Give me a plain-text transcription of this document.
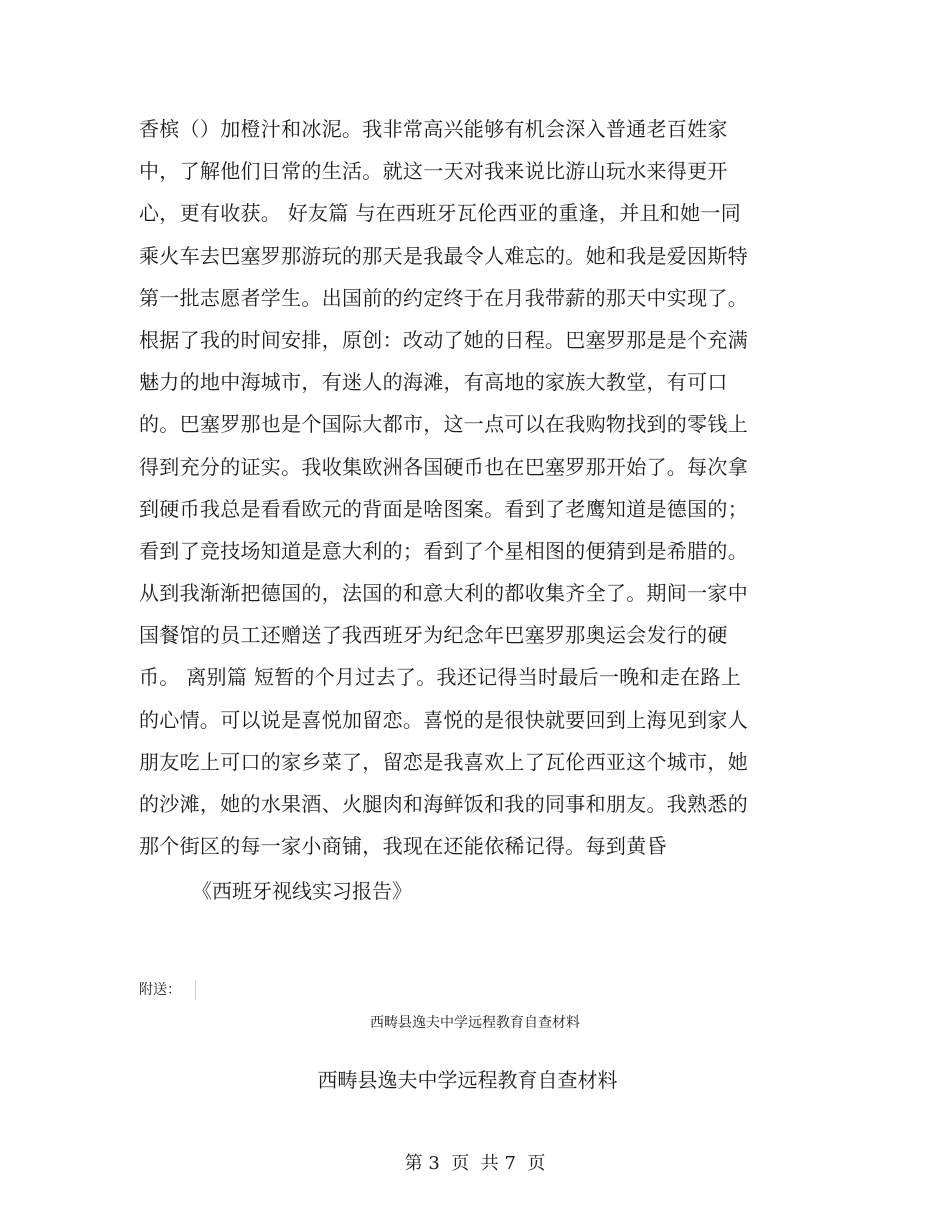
香槟（）加橙汁和冰泥。我非常高兴能够有机会深入普通老百姓家
中，了解他们日常的生活。就这一天对我来说比游山玩水来得更开
心，更有收获。 好友篇 与在西班牙瓦伦西亚的重逢，并且和她一同
乘火车去巴塞罗那游玩的那天是我最令人难忘的。她和我是爱因斯特
第一批志愿者学生。出国前的约定终于在月我带薪的那天中实现了。
根据了我的时间安排，原创：改动了她的日程。巴塞罗那是是个充满
魅力的地中海城市，有迷人的海滩，有高地的家族大教堂，有可口
的。巴塞罗那也是个国际大都市，这一点可以在我购物找到的零钱上
得到充分的证实。我收集欧洲各国硬币也在巴塞罗那开始了。每次拿
到硬币我总是看看欧元的背面是啥图案。看到了老鹰知道是德国的；
看到了竞技场知道是意大利的；看到了个星相图的便猜到是希腊的。
从到我渐渐把德国的，法国的和意大利的都收集齐全了。期间一家中
国餐馆的员工还赠送了我西班牙为纪念年巴塞罗那奥运会发行的硬
币。 离别篇 短暂的个月过去了。我还记得当时最后一晚和走在路上
的心情。可以说是喜悦加留恋。喜悦的是很快就要回到上海见到家人
朋友吃上可口的家乡菜了，留恋是我喜欢上了瓦伦西亚这个城市，她
的沙滩，她的水果酒、火腿肉和海鲜饭和我的同事和朋友。我熟悉的
那个街区的每一家小商铺，我现在还能依稀记得。每到黄昏
《西班牙视线实习报告》
附送：
西畴县逸夫中学远程教育自查材料
西畴县逸夫中学远程教育自查材料
第 3  页  共 7  页
